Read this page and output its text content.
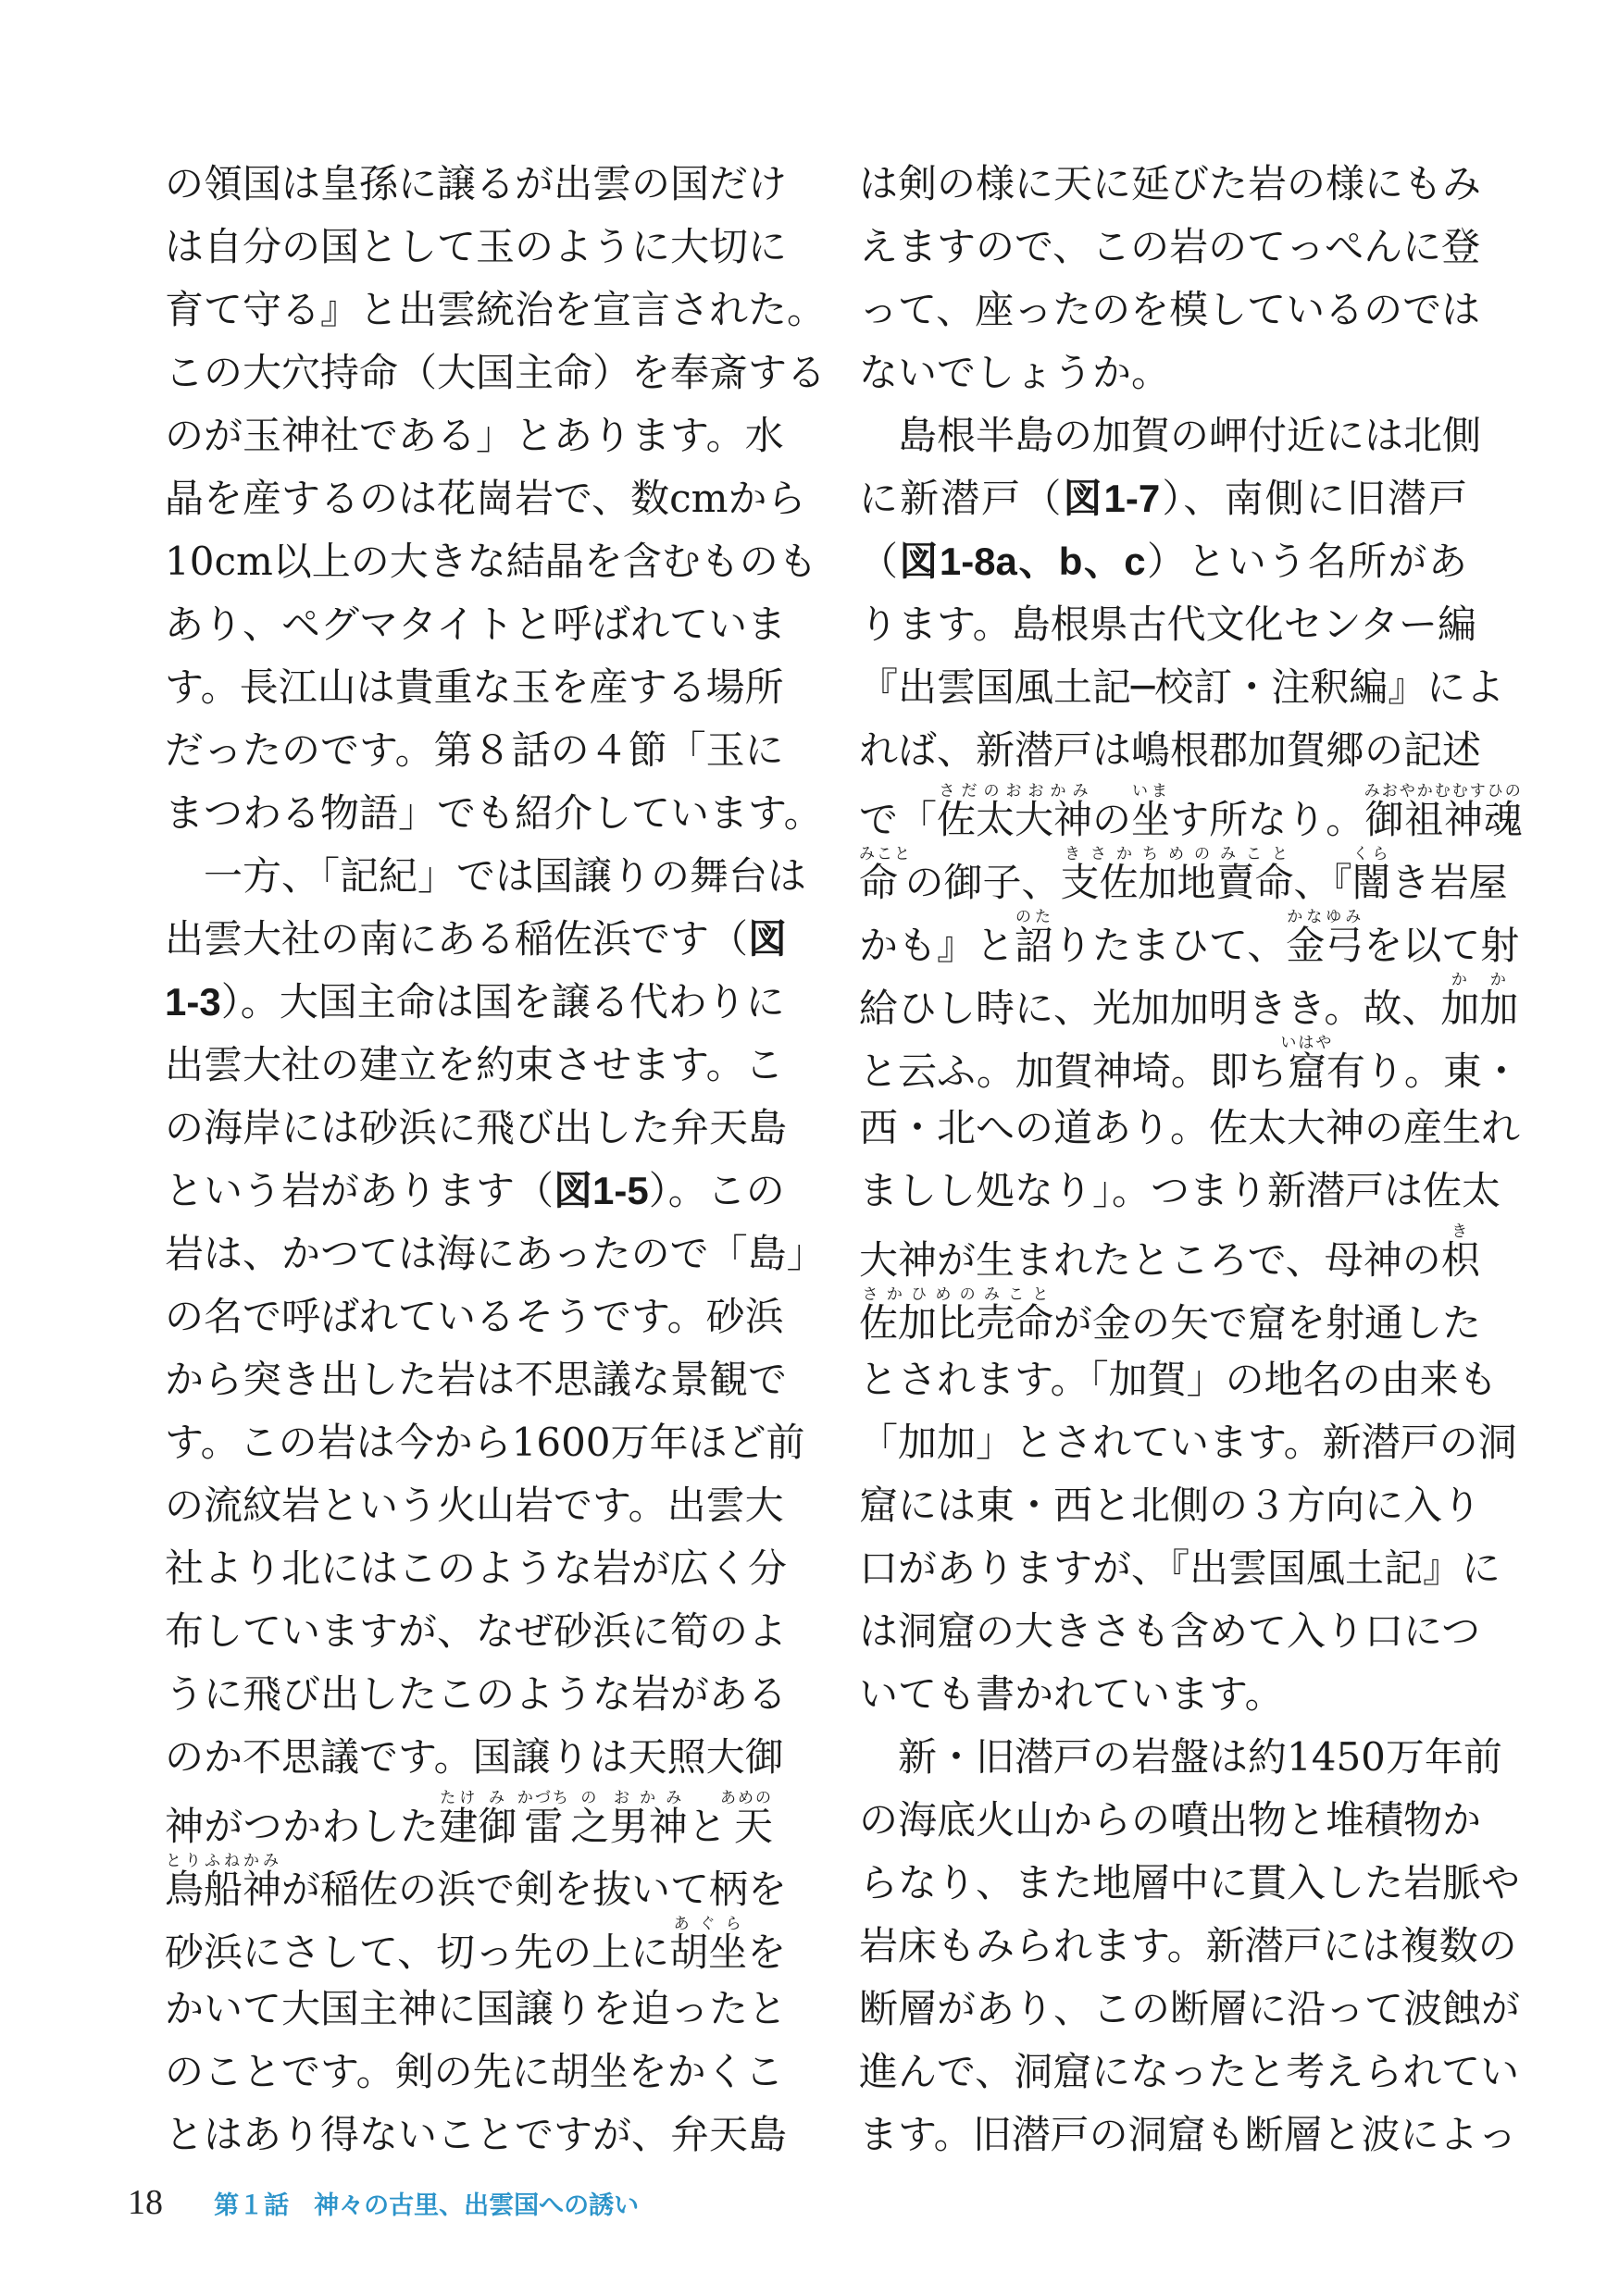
の領国は皇孫に譲るが出雲の国だけ
は自分の国として玉のように大切に
育て守る』と出雲統治を宣言された。
この大穴持命（大国主命）を奉斎する
のが玉神社である」とあります。水
晶を産するのは花崗岩で、数cmから
10cm以上の大きな結晶を含むものも
あり、ペグマタイトと呼ばれていま
す。長江山は貴重な玉を産する場所
だったのです。第８話の４節「玉に
まつわる物語」でも紹介しています。
　一方、「記紀」では国譲りの舞台は
出雲大社の南にある稲佐浜です（図
1-3）。大国主命は国を譲る代わりに
出雲大社の建立を約束させます。こ
の海岸には砂浜に飛び出した弁天島
という岩があります（図1-5）。この
岩は、かつては海にあったので「島」
の名で呼ばれているそうです。砂浜
から突き出した岩は不思議な景観で
す。この岩は今から1600万年ほど前
の流紋岩という火山岩です。出雲大
社より北にはこのような岩が広く分
布していますが、なぜ砂浜に筍のよ
うに飛び出したこのような岩がある
のか不思議です。国譲りは天照大御
神がつかわした建たけ御み雷かづち之の男神おかみと天あめの
鳥船神とりふねかみが稲佐の浜で剣を抜いて柄を
砂浜にさして、切っ先の上に胡坐あぐらを
かいて大国主神に国譲りを迫ったと
のことです。剣の先に胡坐をかくこ
とはあり得ないことですが、弁天島
は剣の様に天に延びた岩の様にもみ
えますので、この岩のてっぺんに登
って、座ったのを模しているのでは
ないでしょうか。
　島根半島の加賀の岬付近には北側
に新潜戸（図1-7）、南側に旧潜戸
（図1-8a、b、c）という名所があ
ります。島根県古代文化センター編
『出雲国風土記─校訂・注釈編』によ
れば、新潜戸は嶋根郡加賀郷の記述
で「佐太大神さだのおおかみの坐います所なり。御祖神魂みおやかむむすひの
命みことの御子、支佐加地賣命きさかちめのみこと、『闇くらき岩屋
かも』と詔のたりたまひて、金弓かなゆみを以て射
給ひし時に、光加加明きき。故、加加かか
と云ふ。加賀神埼。即ち窟いはや有り。東・
西・北への道あり。佐太大神の産生れ
ましし処なり」。つまり新潜戸は佐太
大神が生まれたところで、母神の枳き
佐加比売命さかひめのみことが金の矢で窟を射通した
とされます。「加賀」の地名の由来も
「加加」とされています。新潜戸の洞
窟には東・西と北側の３方向に入り
口がありますが、『出雲国風土記』に
は洞窟の大きさも含めて入り口につ
いても書かれています。
　新・旧潜戸の岩盤は約1450万年前
の海底火山からの噴出物と堆積物か
らなり、また地層中に貫入した岩脈や
岩床もみられます。新潜戸には複数の
断層があり、この断層に沿って波蝕が
進んで、洞窟になったと考えられてい
ます。旧潜戸の洞窟も断層と波によっ
18 第１話　神々の古里、出雲国への誘い
